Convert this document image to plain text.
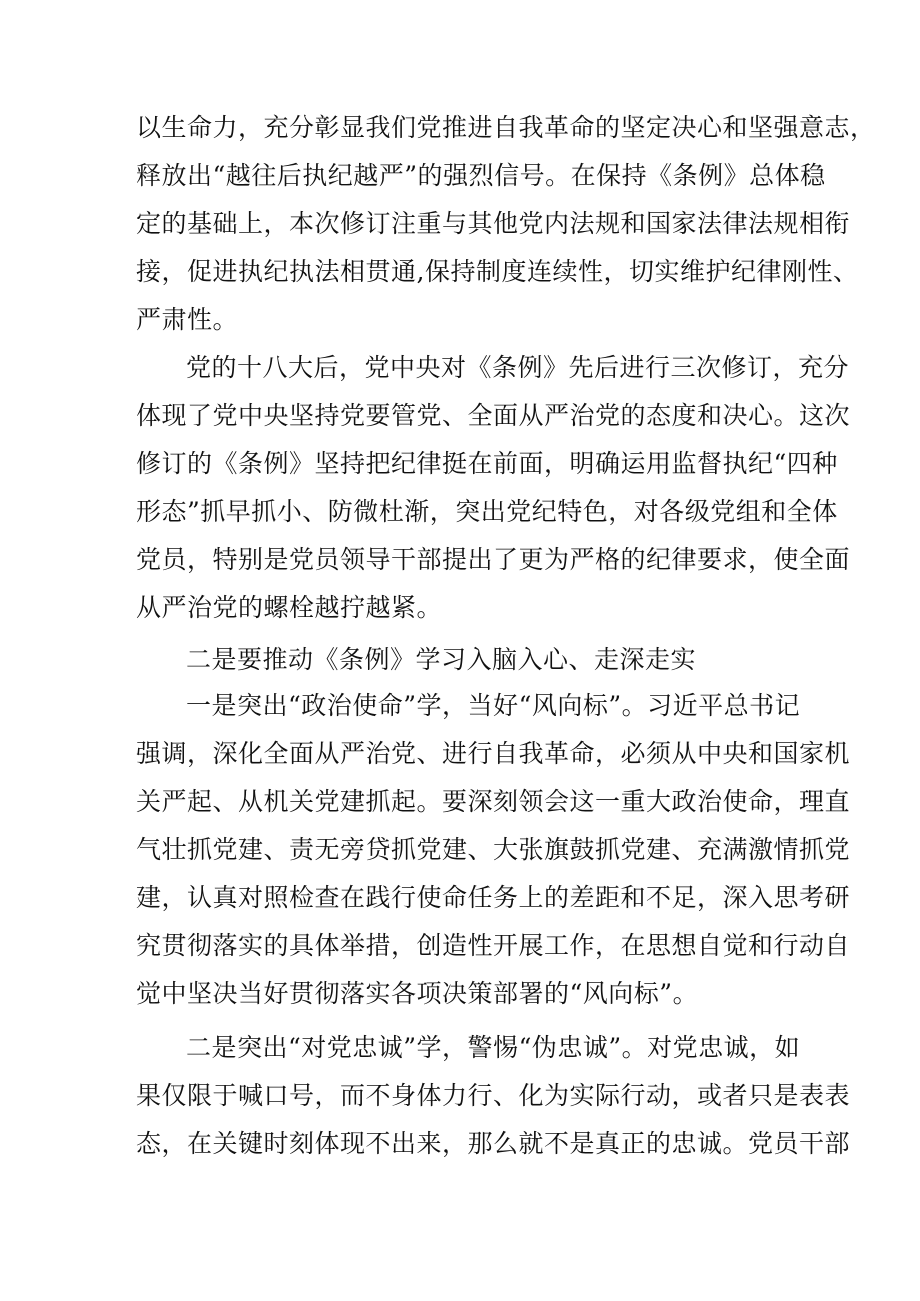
以生命力，充分彰显我们党推进自我革命的坚定决心和坚强意志，
释放出“越往后执纪越严”的强烈信号。在保持《条例》总体稳
定的基础上，本次修订注重与其他党内法规和国家法律法规相衔
接，促进执纪执法相贯通,保持制度连续性，切实维护纪律刚性、
严肃性。
党的十八大后，党中央对《条例》先后进行三次修订，充分
体现了党中央坚持党要管党、全面从严治党的态度和决心。这次
修订的《条例》坚持把纪律挺在前面，明确运用监督执纪“四种
形态”抓早抓小、防微杜渐，突出党纪特色，对各级党组和全体
党员，特别是党员领导干部提出了更为严格的纪律要求，使全面
从严治党的螺栓越拧越紧。
二是要推动《条例》学习入脑入心、走深走实
一是突出“政治使命”学，当好“风向标”。习近平总书记
强调，深化全面从严治党、进行自我革命，必须从中央和国家机
关严起、从机关党建抓起。要深刻领会这一重大政治使命，理直
气壮抓党建、责无旁贷抓党建、大张旗鼓抓党建、充满激情抓党
建，认真对照检查在践行使命任务上的差距和不足，深入思考研
究贯彻落实的具体举措，创造性开展工作，在思想自觉和行动自
觉中坚决当好贯彻落实各项决策部署的“风向标”。
二是突出“对党忠诚”学，警惕“伪忠诚”。对党忠诚，如
果仅限于喊口号，而不身体力行、化为实际行动，或者只是表表
态，在关键时刻体现不出来，那么就不是真正的忠诚。党员干部
